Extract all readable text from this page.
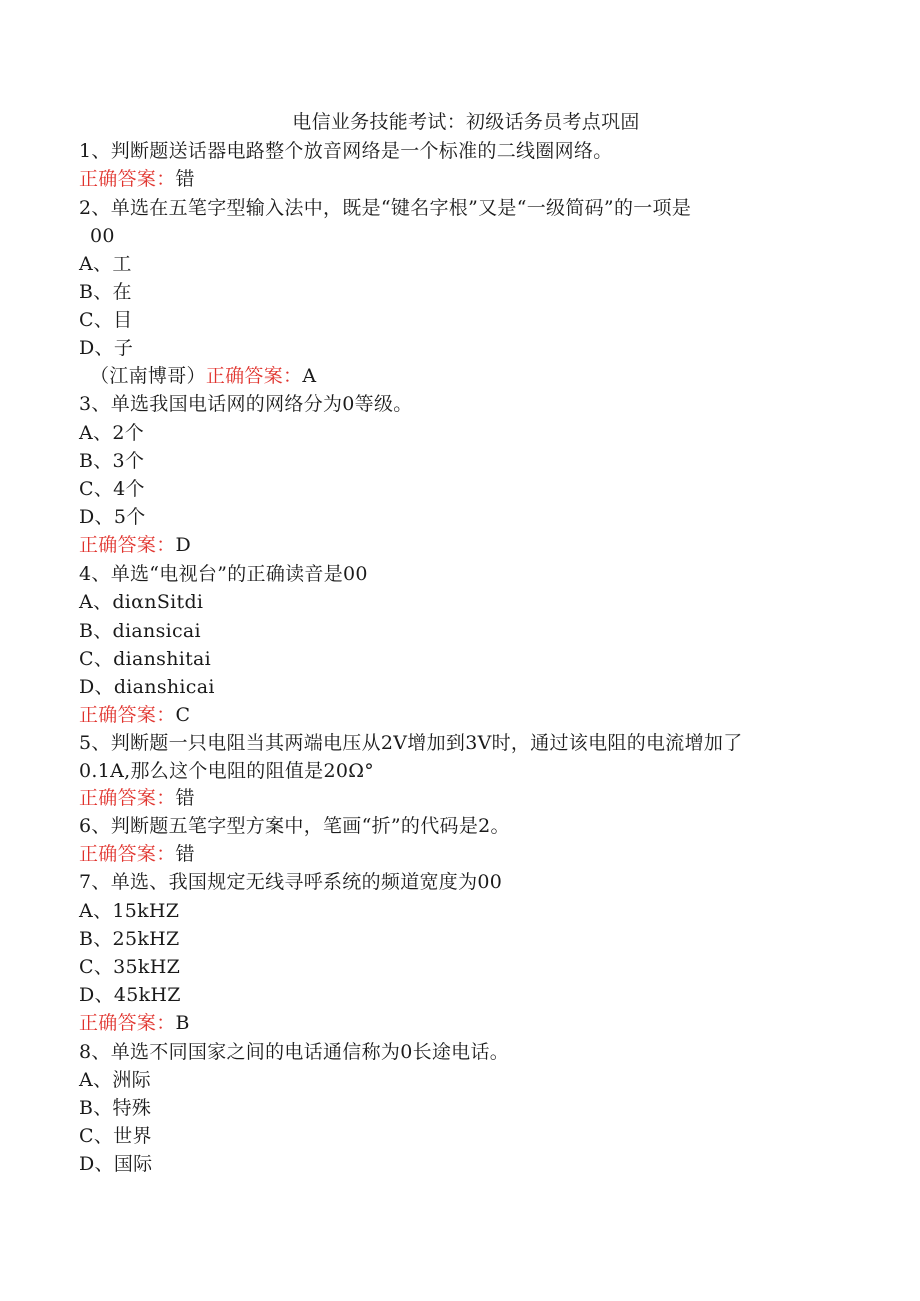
电信业务技能考试：初级话务员考点巩固
1、判断题送话器电路整个放音网络是一个标准的二线圈网络。
正确答案：错
2、单选在五笔字型输入法中，既是“键名字根”又是“一级简码”的一项是
00
A、工
B、在
C、目
D、子
（江南博哥）正确答案：A
3、单选我国电话网的网络分为0等级。
A、2个
B、3个
C、4个
D、5个
正确答案：D
4、单选“电视台”的正确读音是00
A、diαnSitdi
B、diansicai
C、dianshitai
D、dianshicai
正确答案：C
5、判断题一只电阻当其两端电压从2V增加到3V时，通过该电阻的电流增加了
0.1A,那么这个电阻的阻值是20Ω°
正确答案：错
6、判断题五笔字型方案中，笔画“折”的代码是2。
正确答案：错
7、单选、我国规定无线寻呼系统的频道宽度为00
A、15kHZ
B、25kHZ
C、35kHZ
D、45kHZ
正确答案：B
8、单选不同国家之间的电话通信称为0长途电话。
A、洲际
B、特殊
C、世界
D、国际
